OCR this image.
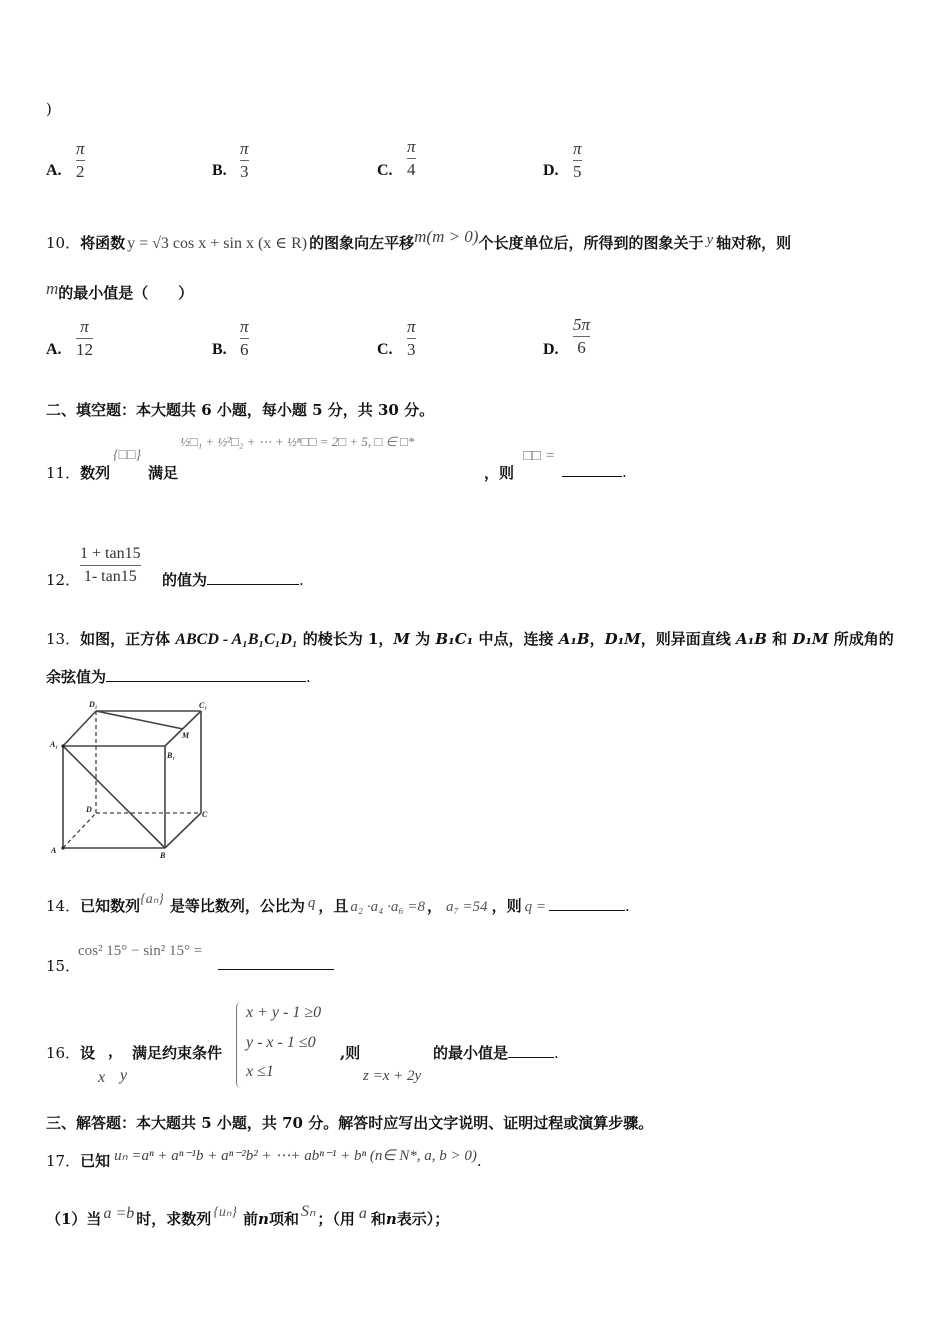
)
A.
π
2	B.
π
3	C.
π
4	D.
π
5
10．将函数 y = √3 cos x + sin x (x ∈ R) 的图象向左平移m(m > 0)个长度单位后，所得到的图象关于 y 轴对称，则
m的最小值是（　　）
A.
π
12	B.
π
6	C.
π
3	D.
5π
6
二、填空题：本大题共 6 小题，每小题 5 分，共 30 分。
11．数列
{□□}
满足
½□₁ + ½²□₂ + ⋯ + ½ⁿ□□ = 2□ + 5, □ ∈ □*
，则
□□ =
.
12．
1 + tan15
1- tan15 的值为	.
13．如图，正方体 ABCD - A₁B₁C₁D₁ 的棱长为 1，M 为 B₁C₁ 中点，连接 A₁B，D₁M，则异面直线 A₁B 和 D₁M 所成角的
余弦值为	.
D₁	C₁
A₁
B₁
M
D
C
A
B
14．已知数列{aₙ} 是等比数列，公比为 q ，且 a₂ ·a₄ ·a₆ =8 ， a₇ =54 ，则 q =	.
15．
cos² 15° − sin² 15° =
16． 设 ，
x y
满足约束条件
x + y - 1 ≥0
y - x - 1 ≤0
x ≤1
,则
z =x + 2y
的最小值是	.
三、解答题：本大题共 5 小题，共 70 分。解答时应写出文字说明、证明过程或演算步骤。
17．已知 uₙ =aⁿ + aⁿ⁻¹b + aⁿ⁻²b² + ⋯+ abⁿ⁻¹ + bⁿ (n∈ N*, a, b > 0).
（1）当 a =b 时，求数列 {uₙ} 前n项和 Sₙ ；（用 a 和n表示）；
